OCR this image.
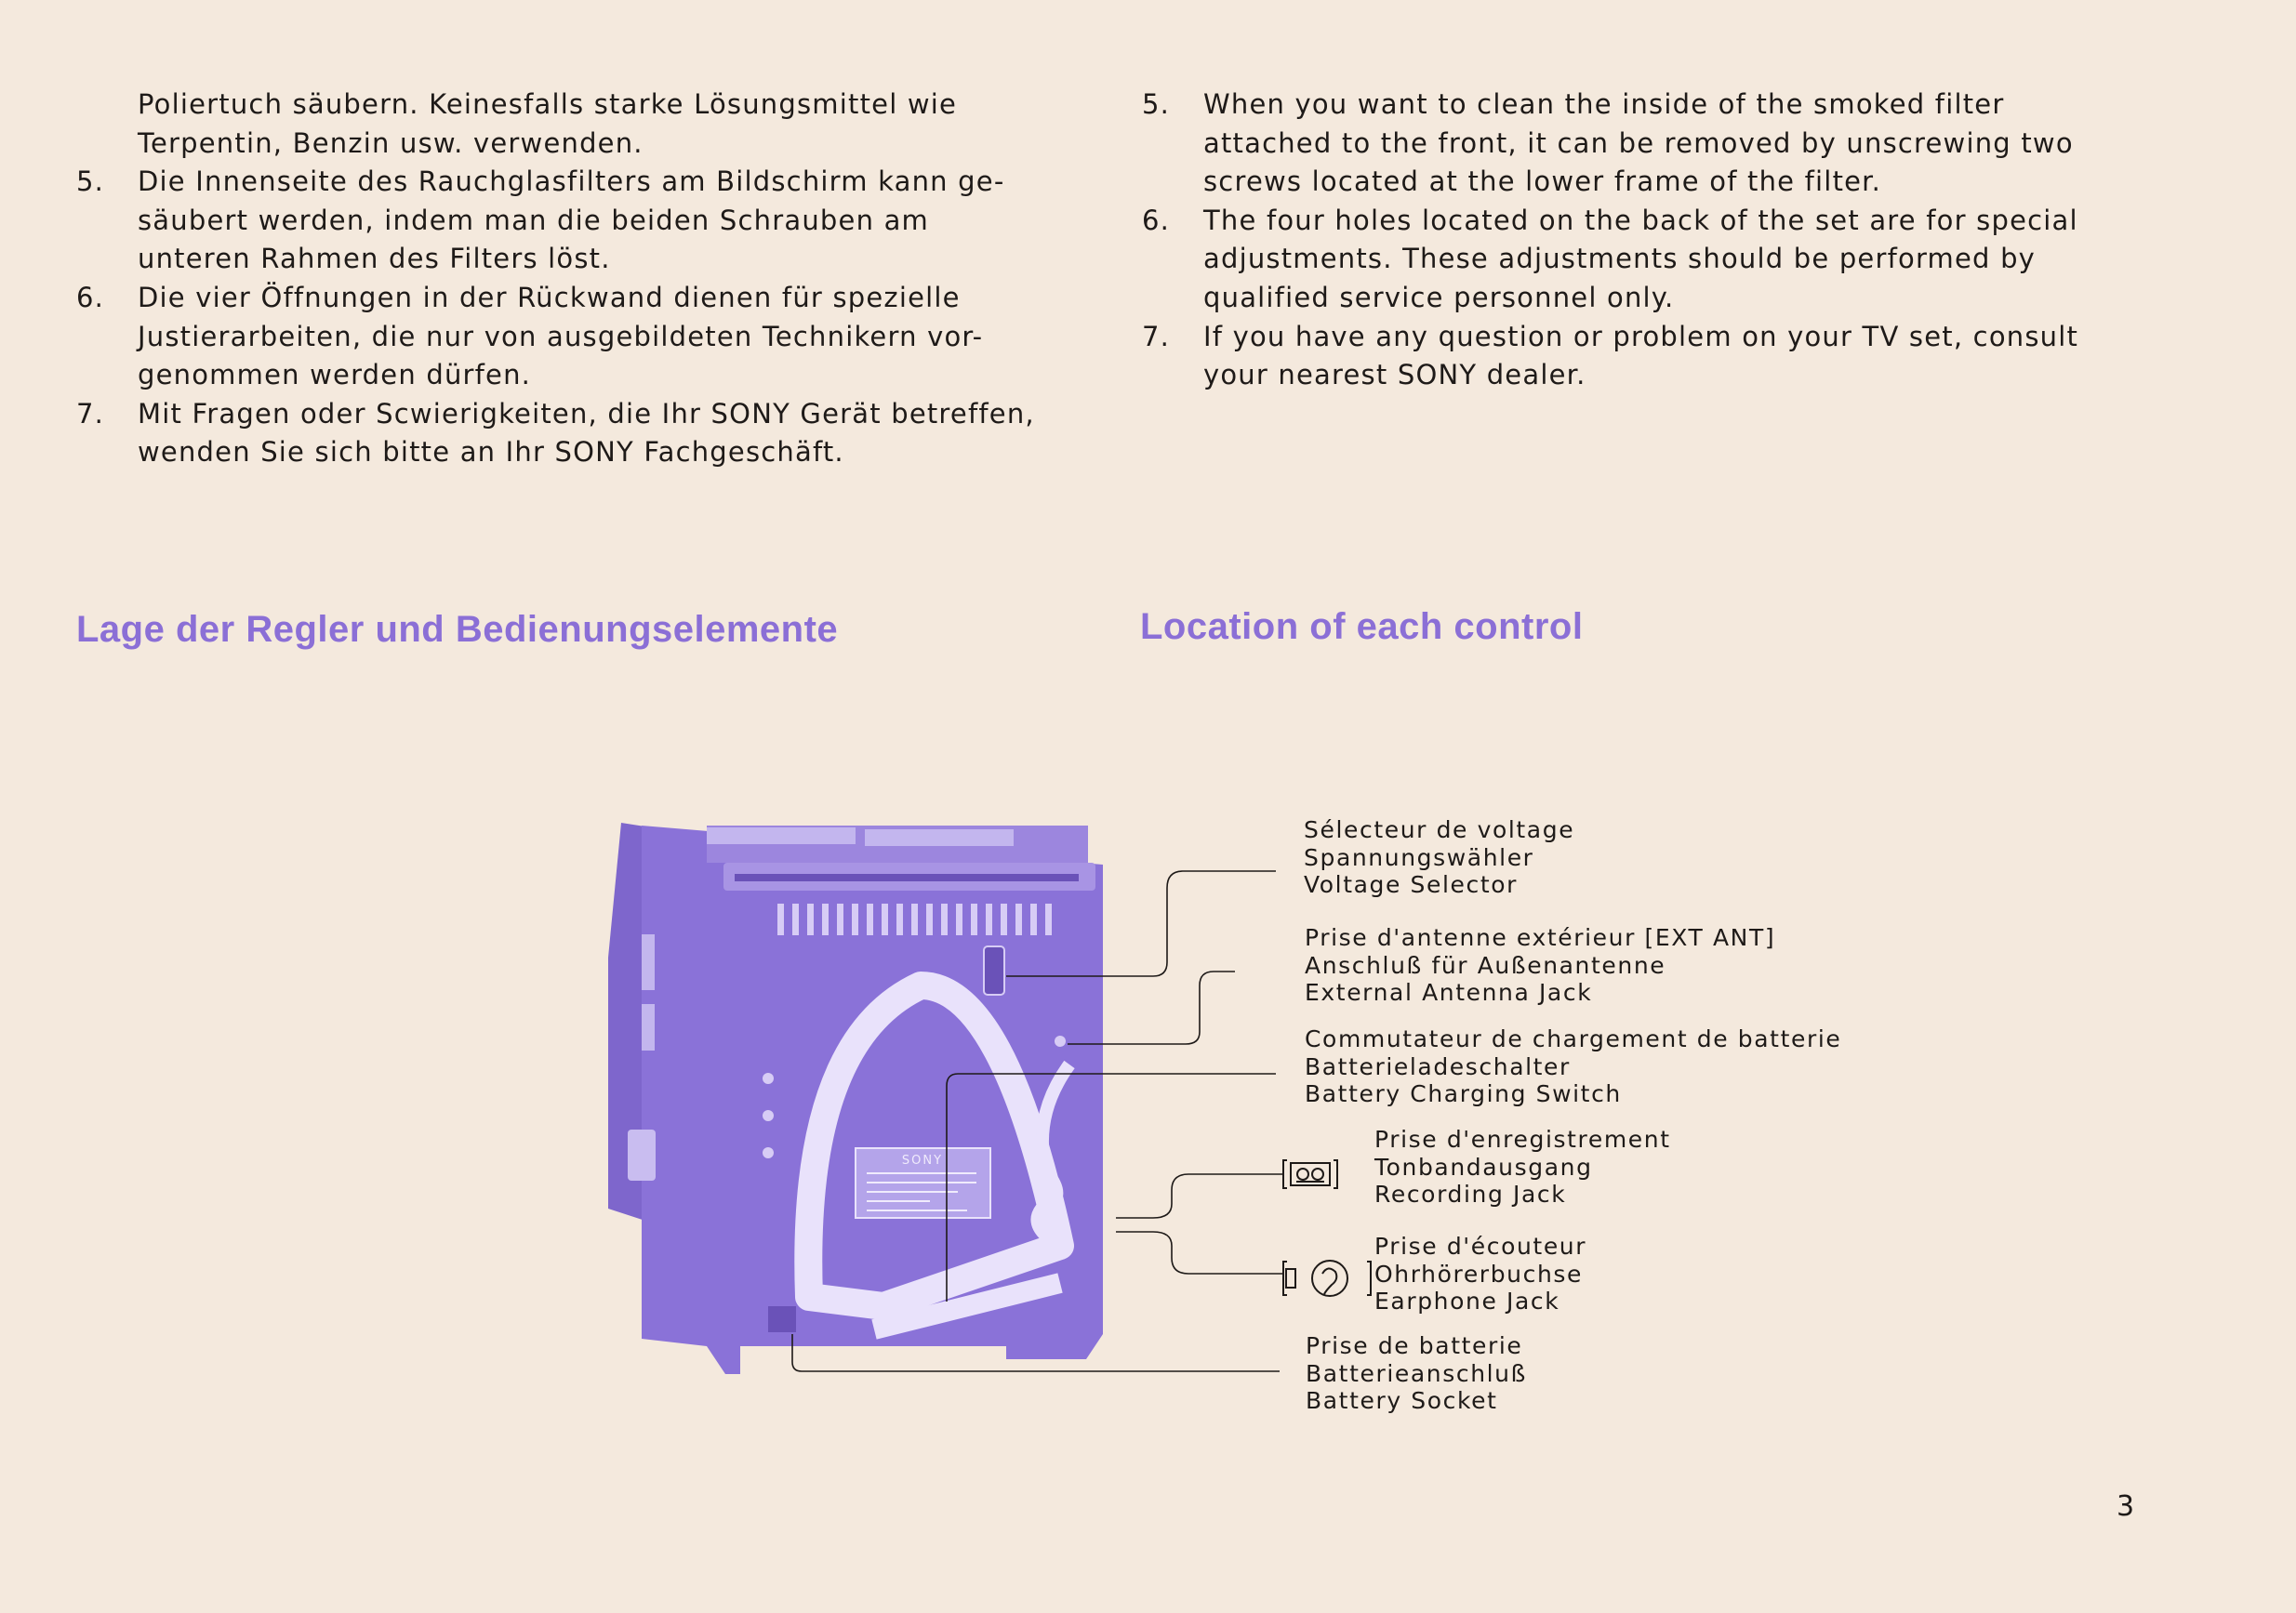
Poliertuch säubern. Keinesfalls starke Lösungsmittel wie
Terpentin, Benzin usw. verwenden.
5. Die Innenseite des Rauchglasfilters am Bildschirm kann ge-
säubert werden, indem man die beiden Schrauben am
unteren Rahmen des Filters löst.
6. Die vier Öffnungen in der Rückwand dienen für spezielle
Justierarbeiten, die nur von ausgebildeten Technikern vor-
genommen werden dürfen.
7. Mit Fragen oder Scwierigkeiten, die Ihr SONY Gerät betreffen,
wenden Sie sich bitte an Ihr SONY Fachgeschäft.
5. When you want to clean the inside of the smoked filter
attached to the front, it can be removed by unscrewing two
screws located at the lower frame of the filter.
6. The four holes located on the back of the set are for special
adjustments. These adjustments should be performed by
qualified service personnel only.
7. If you have any question or problem on your TV set, consult
your nearest SONY dealer.
Lage der Regler und Bedienungselemente	Location of each control
SONY
Sélecteur de voltage
Spannungswähler
Voltage Selector
Prise d'antenne extérieur [EXT ANT]
Anschluß für Außenantenne
External Antenna Jack
Commutateur de chargement de batterie
Batterieladeschalter
Battery Charging Switch
Prise d'enregistrement
Tonbandausgang
Recording Jack
Prise d'écouteur
Ohrhörerbuchse
Earphone Jack
Prise de batterie
Batterieanschluß
Battery Socket
3
